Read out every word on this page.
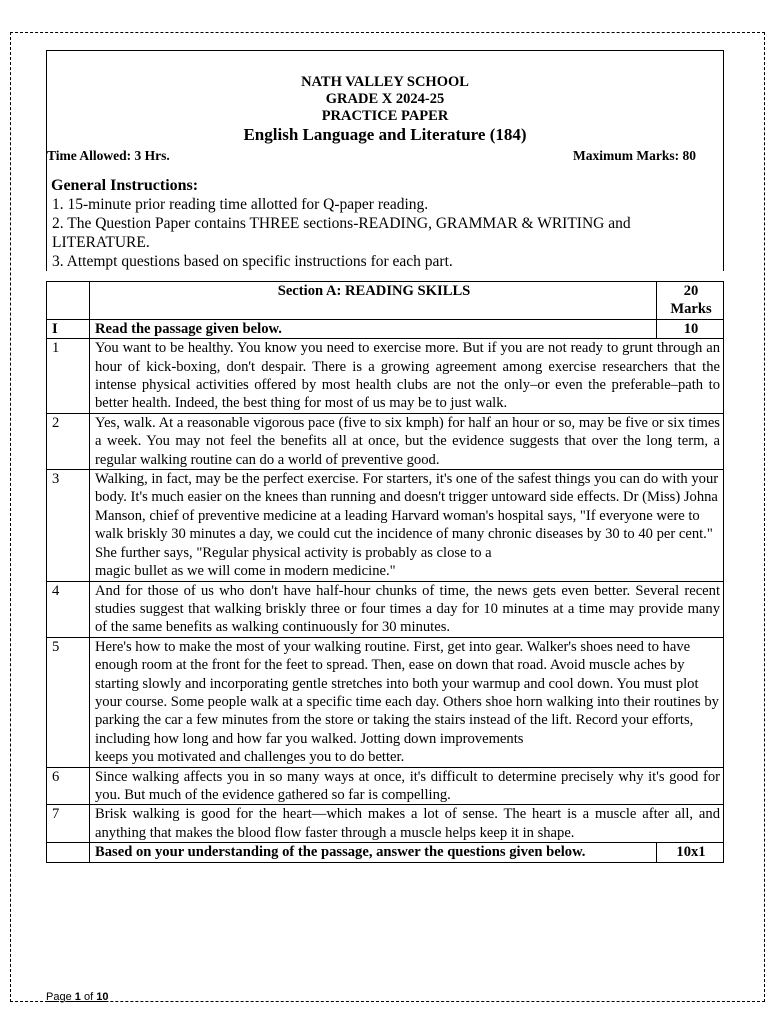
NATH VALLEY SCHOOL
GRADE X 2024-25
PRACTICE PAPER
English Language and Literature (184)
Time Allowed: 3 Hrs.	Maximum Marks: 80
General Instructions:
1. 15-minute prior reading time allotted for Q-paper reading.
2. The Question Paper contains THREE sections-READING, GRAMMAR & WRITING and LITERATURE.
3. Attempt questions based on specific instructions for each part.
	Section A: READING SKILLS	20
Marks

I	Read the passage given below.	10
1	You want to be healthy. You know you need to exercise more. But if you are not ready to grunt through an hour of kick-boxing, don't despair. There is a growing agreement among exercise researchers that the intense physical activities offered by most health clubs are not the only–or even the preferable–path to better health. Indeed, the best thing for most of us may be to just walk.	
2	Yes, walk. At a reasonable vigorous pace (five to six kmph) for half an hour or so, may be five or six times a week. You may not feel the benefits all at once, but the evidence suggests that over the long term, a regular walking routine can do a world of preventive good.	
3	Walking, in fact, may be the perfect exercise. For starters, it's one of the safest things you can do with your body. It's much easier on the knees than running and doesn't trigger untoward side effects. Dr (Miss) Johna Manson, chief of preventive medicine at a leading Harvard woman's hospital says, "If everyone were to walk briskly 30 minutes a day, we could cut the incidence of many chronic diseases by 30 to 40 per cent." She further says, "Regular physical activity is probably as close to a
magic bullet as we will come in modern medicine."	

4	And for those of us who don't have half-hour chunks of time, the news gets even better. Several recent studies suggest that walking briskly three or four times a day for 10 minutes at a time may provide many of the same benefits as walking continuously for 30 minutes.	
5	Here's how to make the most of your walking routine. First, get into gear. Walker's shoes need to have enough room at the front for the feet to spread. Then, ease on down that road. Avoid muscle aches by starting slowly and incorporating gentle stretches into both your warmup and cool down. You must plot your course. Some people walk at a specific time each day. Others shoe horn walking into their routines by parking the car a few minutes from the store or taking the stairs instead of the lift. Record your efforts, including how long and how far you walked. Jotting down improvements
keeps you motivated and challenges you to do better.	

6	Since walking affects you in so many ways at once, it's difficult to determine precisely why it's good for you. But much of the evidence gathered so far is compelling.	
7	Brisk walking is good for the heart—which makes a lot of sense. The heart is a muscle after all, and anything that makes the blood flow faster through a muscle helps keep it in shape.	
	Based on your understanding of the passage, answer the questions given below.	10x1
Page 1 of 10
